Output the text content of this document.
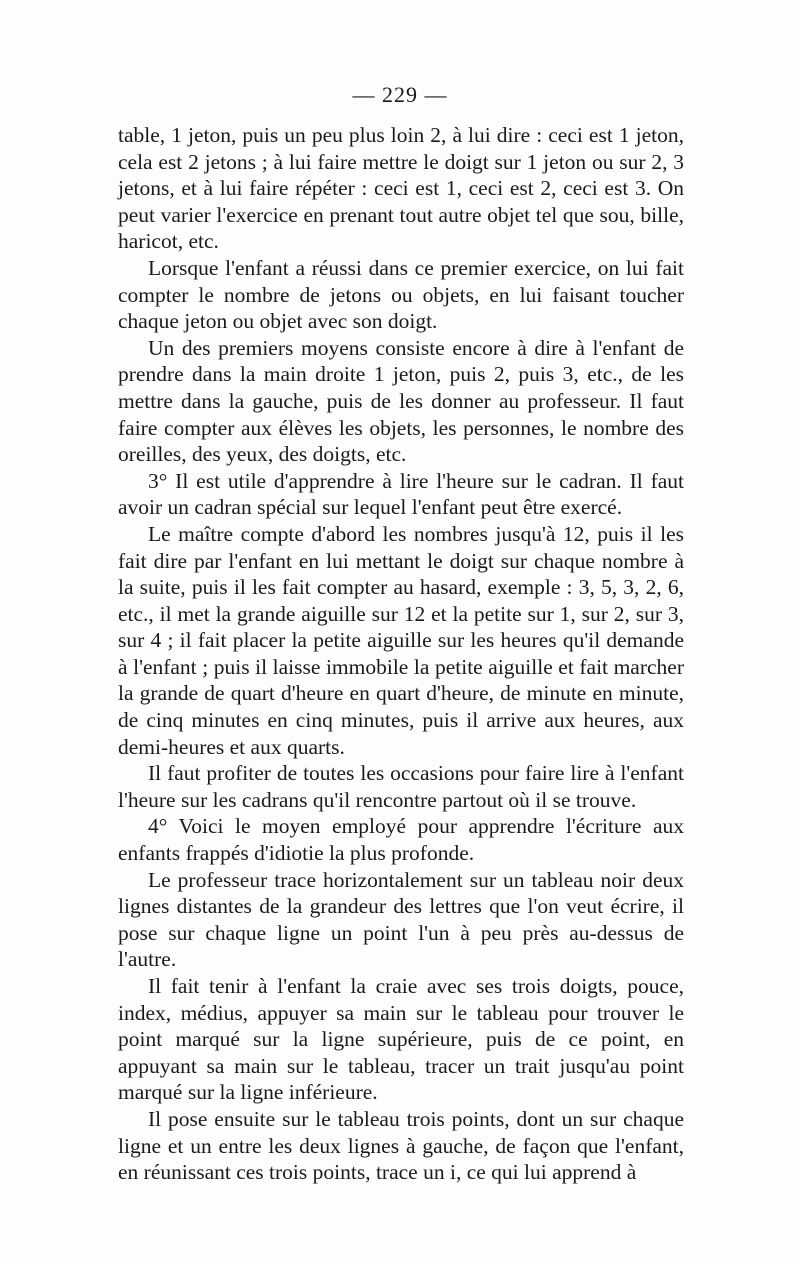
— 229 —

table, 1 jeton, puis un peu plus loin 2, à lui dire : ceci est 1 jeton, cela est 2 jetons ; à lui faire mettre le doigt sur 1 jeton ou sur 2, 3 jetons, et à lui faire répéter : ceci est 1, ceci est 2, ceci est 3. On peut varier l'exercice en prenant tout autre objet tel que sou, bille, haricot, etc.

Lorsque l'enfant a réussi dans ce premier exercice, on lui fait compter le nombre de jetons ou objets, en lui faisant toucher chaque jeton ou objet avec son doigt.

Un des premiers moyens consiste encore à dire à l'enfant de prendre dans la main droite 1 jeton, puis 2, puis 3, etc., de les mettre dans la gauche, puis de les donner au professeur. Il faut faire compter aux élèves les objets, les personnes, le nombre des oreilles, des yeux, des doigts, etc.

3° Il est utile d'apprendre à lire l'heure sur le cadran. Il faut avoir un cadran spécial sur lequel l'enfant peut être exercé.

Le maître compte d'abord les nombres jusqu'à 12, puis il les fait dire par l'enfant en lui mettant le doigt sur chaque nombre à la suite, puis il les fait compter au hasard, exemple : 3, 5, 3, 2, 6, etc., il met la grande aiguille sur 12 et la petite sur 1, sur 2, sur 3, sur 4 ; il fait placer la petite aiguille sur les heures qu'il demande à l'enfant ; puis il laisse immobile la petite aiguille et fait marcher la grande de quart d'heure en quart d'heure, de minute en minute, de cinq minutes en cinq minutes, puis il arrive aux heures, aux demi-heures et aux quarts.

Il faut profiter de toutes les occasions pour faire lire à l'enfant l'heure sur les cadrans qu'il rencontre partout où il se trouve.

4° Voici le moyen employé pour apprendre l'écriture aux enfants frappés d'idiotie la plus profonde.

Le professeur trace horizontalement sur un tableau noir deux lignes distantes de la grandeur des lettres que l'on veut écrire, il pose sur chaque ligne un point l'un à peu près au-dessus de l'autre.

Il fait tenir à l'enfant la craie avec ses trois doigts, pouce, index, médius, appuyer sa main sur le tableau pour trouver le point marqué sur la ligne supérieure, puis de ce point, en appuyant sa main sur le tableau, tracer un trait jusqu'au point marqué sur la ligne inférieure.

Il pose ensuite sur le tableau trois points, dont un sur chaque ligne et un entre les deux lignes à gauche, de façon que l'enfant, en réunissant ces trois points, trace un i, ce qui lui apprend à
